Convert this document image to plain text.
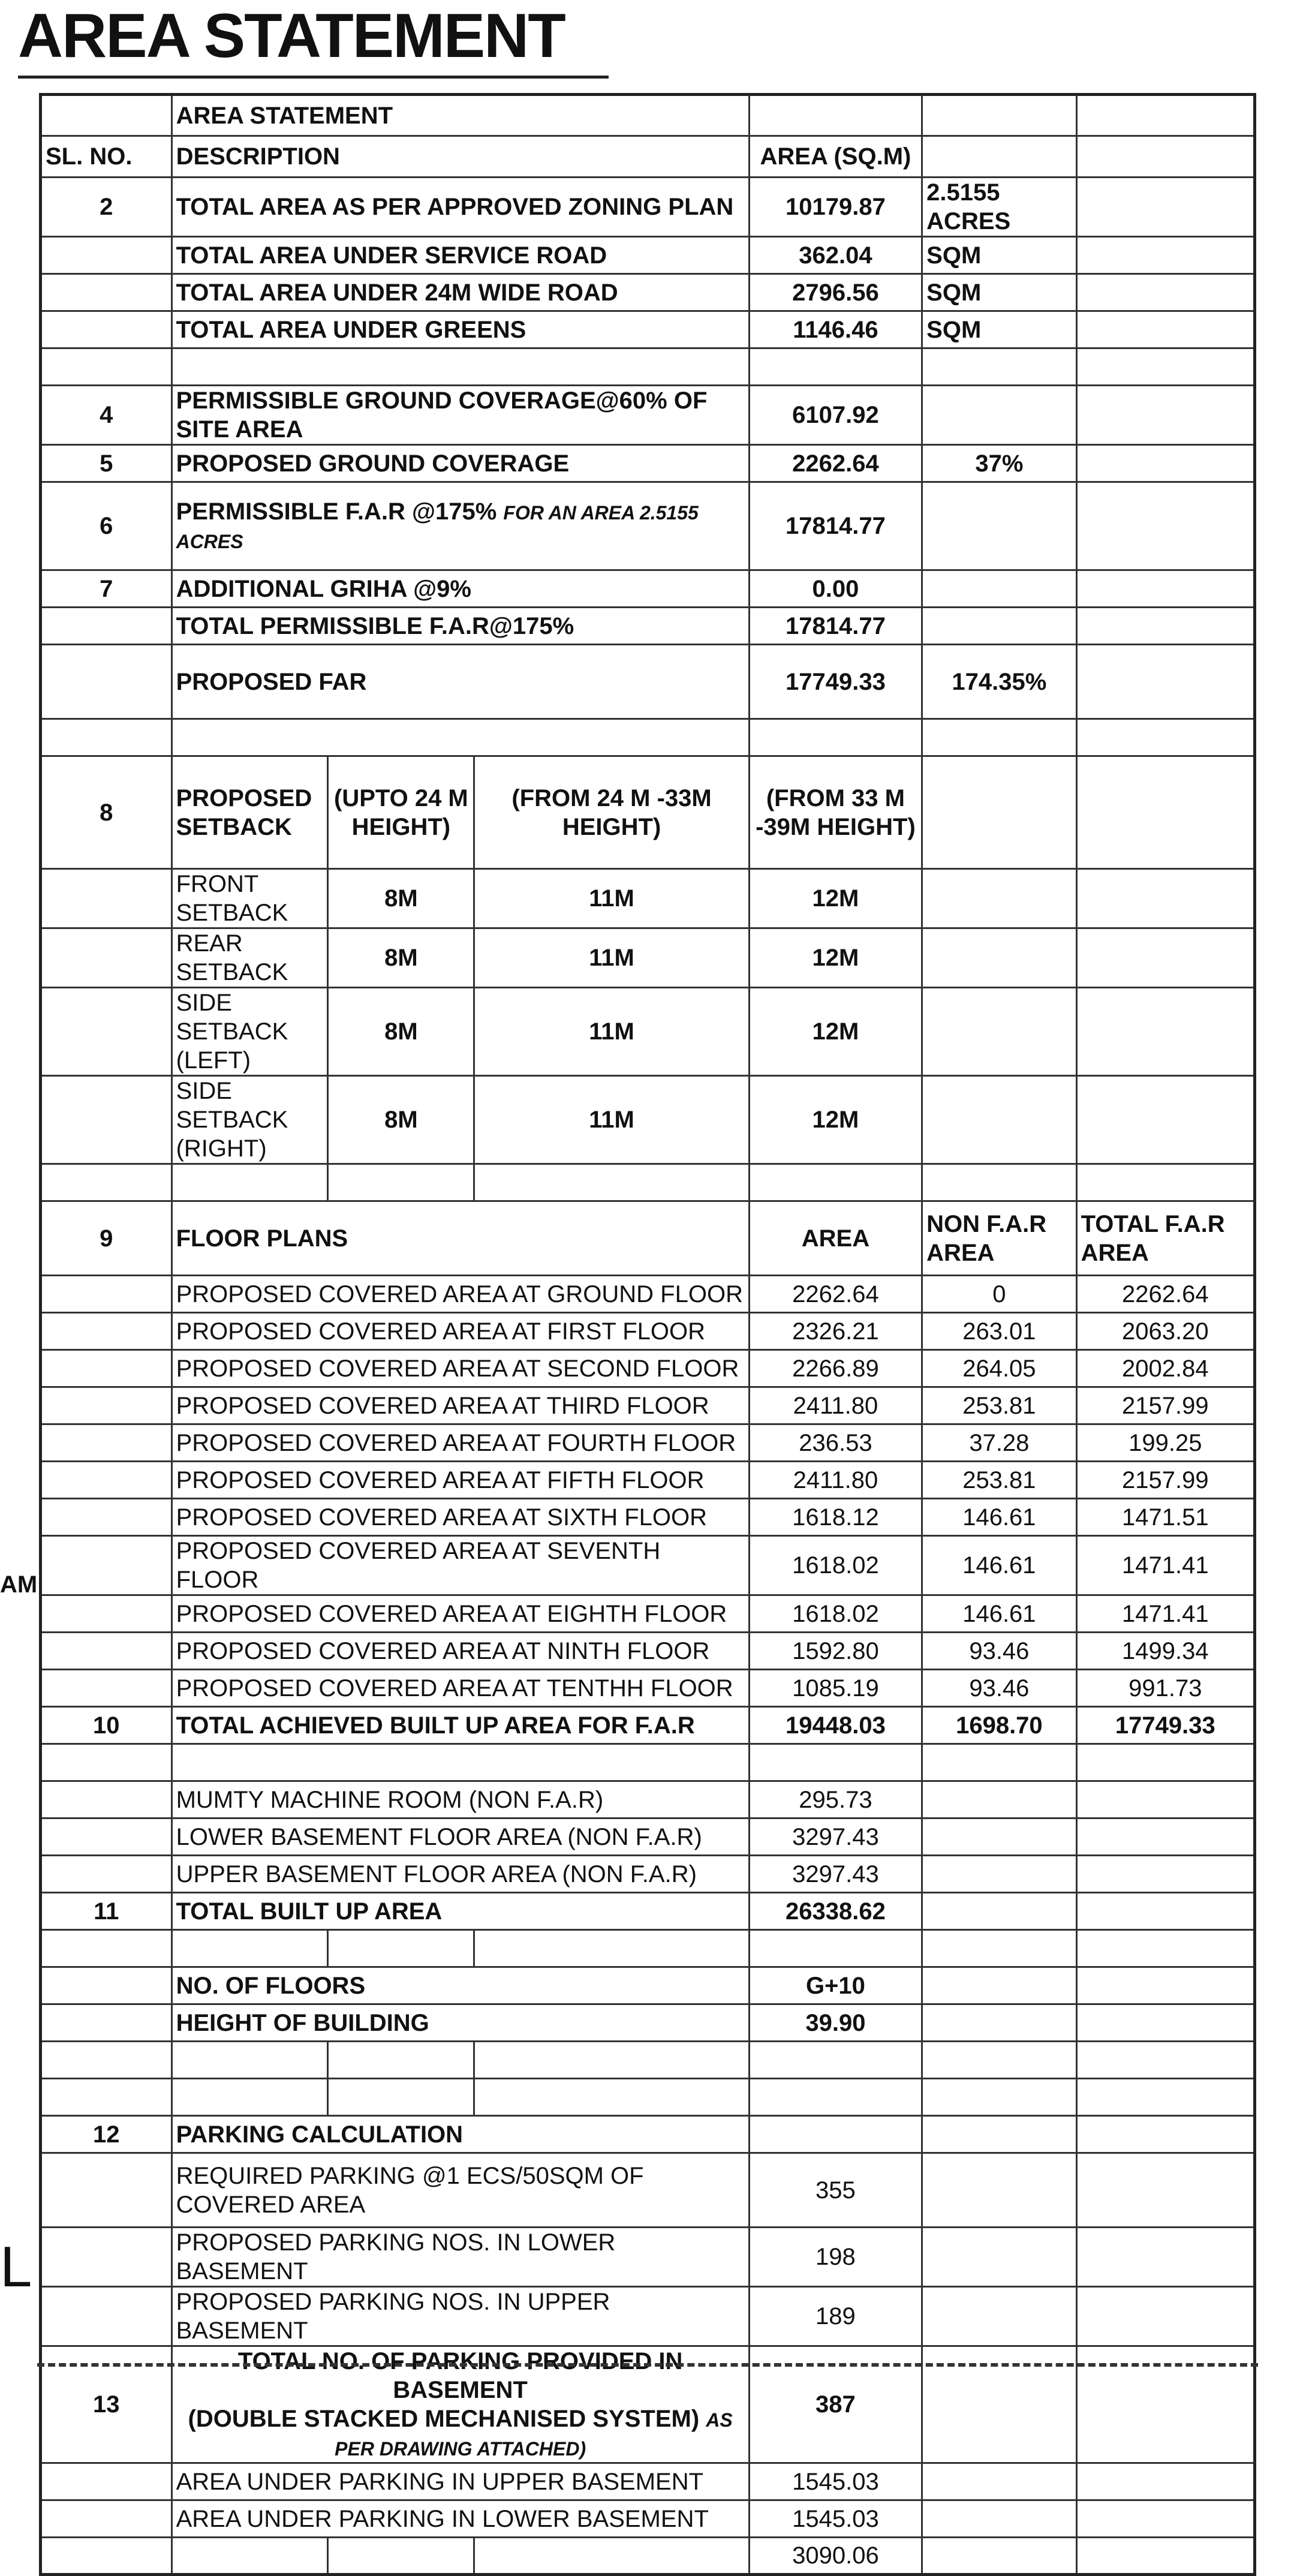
AREA STATEMENT
AM
L
	AREA STATEMENT					
SL. NO.	DESCRIPTION			AREA (SQ.M)		
2	TOTAL AREA AS PER APPROVED ZONING PLAN			10179.87	2.5155 ACRES	
	TOTAL AREA UNDER SERVICE ROAD			362.04	SQM	
	TOTAL AREA UNDER 24M WIDE ROAD			2796.56	SQM	
	TOTAL AREA UNDER GREENS			1146.46	SQM	

4	PERMISSIBLE GROUND COVERAGE@60% OF SITE AREA			6107.92		
5	PROPOSED GROUND COVERAGE			2262.64	37%	
6	PERMISSIBLE F.A.R @175% FOR AN AREA 2.5155 ACRES			17814.77		
7	ADDITIONAL GRIHA @9%			0.00		
	TOTAL PERMISSIBLE F.A.R@175%			17814.77		
	PROPOSED FAR			17749.33	174.35%	

8	PROPOSED SETBACK	(UPTO 24 M HEIGHT)	(FROM 24 M -33M HEIGHT)	(FROM 33 M -39M HEIGHT)		
	FRONT SETBACK	8M	11M	12M		
	REAR SETBACK	8M	11M	12M		
	SIDE SETBACK (LEFT)	8M	11M	12M		
	SIDE SETBACK (RIGHT)	8M	11M	12M		

9	FLOOR PLANS			AREA	NON F.A.R AREA	TOTAL F.A.R AREA
	PROPOSED COVERED AREA AT GROUND FLOOR			2262.64	0	2262.64
	PROPOSED COVERED AREA AT FIRST FLOOR			2326.21	263.01	2063.20
	PROPOSED COVERED AREA AT SECOND FLOOR			2266.89	264.05	2002.84
	PROPOSED COVERED AREA AT THIRD FLOOR			2411.80	253.81	2157.99
	PROPOSED COVERED AREA AT FOURTH FLOOR			236.53	37.28	199.25
	PROPOSED COVERED AREA AT FIFTH FLOOR			2411.80	253.81	2157.99
	PROPOSED COVERED AREA AT SIXTH FLOOR			1618.12	146.61	1471.51
	PROPOSED COVERED AREA AT SEVENTH FLOOR			1618.02	146.61	1471.41
	PROPOSED COVERED AREA AT EIGHTH FLOOR			1618.02	146.61	1471.41
	PROPOSED COVERED AREA AT NINTH FLOOR			1592.80	93.46	1499.34
	PROPOSED COVERED AREA AT TENTHH FLOOR			1085.19	93.46	991.73
10	TOTAL ACHIEVED BUILT UP AREA FOR F.A.R			19448.03	1698.70	17749.33

	MUMTY MACHINE ROOM (NON F.A.R)			295.73		
	LOWER BASEMENT FLOOR AREA (NON F.A.R)			3297.43		
	UPPER BASEMENT FLOOR AREA (NON F.A.R)			3297.43		
11	TOTAL BUILT UP AREA			26338.62		

	NO. OF FLOORS			G+10		
	HEIGHT OF BUILDING			39.90		

12	PARKING CALCULATION					
	REQUIRED PARKING @1 ECS/50SQM OF COVERED AREA			355		
	PROPOSED PARKING NOS. IN LOWER BASEMENT			198		
	PROPOSED PARKING NOS. IN UPPER BASEMENT			189		
13	TOTAL NO. OF PARKING PROVIDED IN BASEMENT
(DOUBLE STACKED MECHANISED SYSTEM) AS PER DRAWING ATTACHED)			387		
	AREA UNDER PARKING IN UPPER BASEMENT			1545.03		
	AREA UNDER PARKING IN LOWER BASEMENT			1545.03		
				3090.06		
